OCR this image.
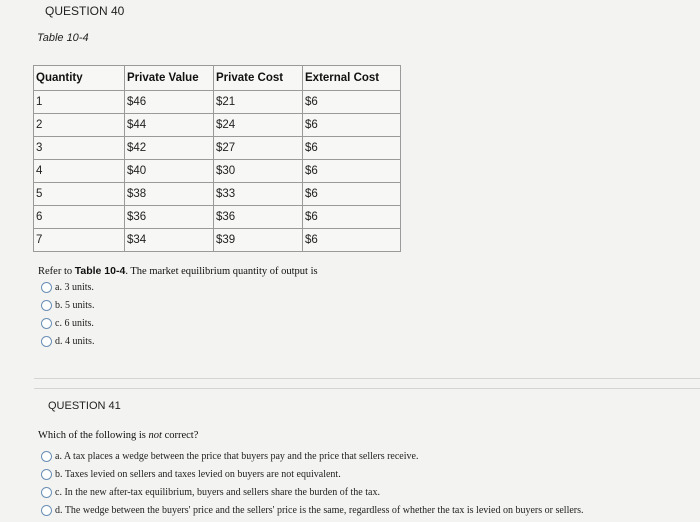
QUESTION 40
Table 10-4
Quantity	Private Value	Private Cost	External Cost
1	$46	$21	$6
2	$44	$24	$6
3	$42	$27	$6
4	$40	$30	$6
5	$38	$33	$6
6	$36	$36	$6
7	$34	$39	$6
Refer to Table 10-4. The market equilibrium quantity of output is
a. 3 units.
b. 5 units.
c. 6 units.
d. 4 units.
QUESTION 41
Which of the following is not correct?
a. A tax places a wedge between the price that buyers pay and the price that sellers receive.
b. Taxes levied on sellers and taxes levied on buyers are not equivalent.
c. In the new after-tax equilibrium, buyers and sellers share the burden of the tax.
d. The wedge between the buyers' price and the sellers' price is the same, regardless of whether the tax is levied on buyers or sellers.
